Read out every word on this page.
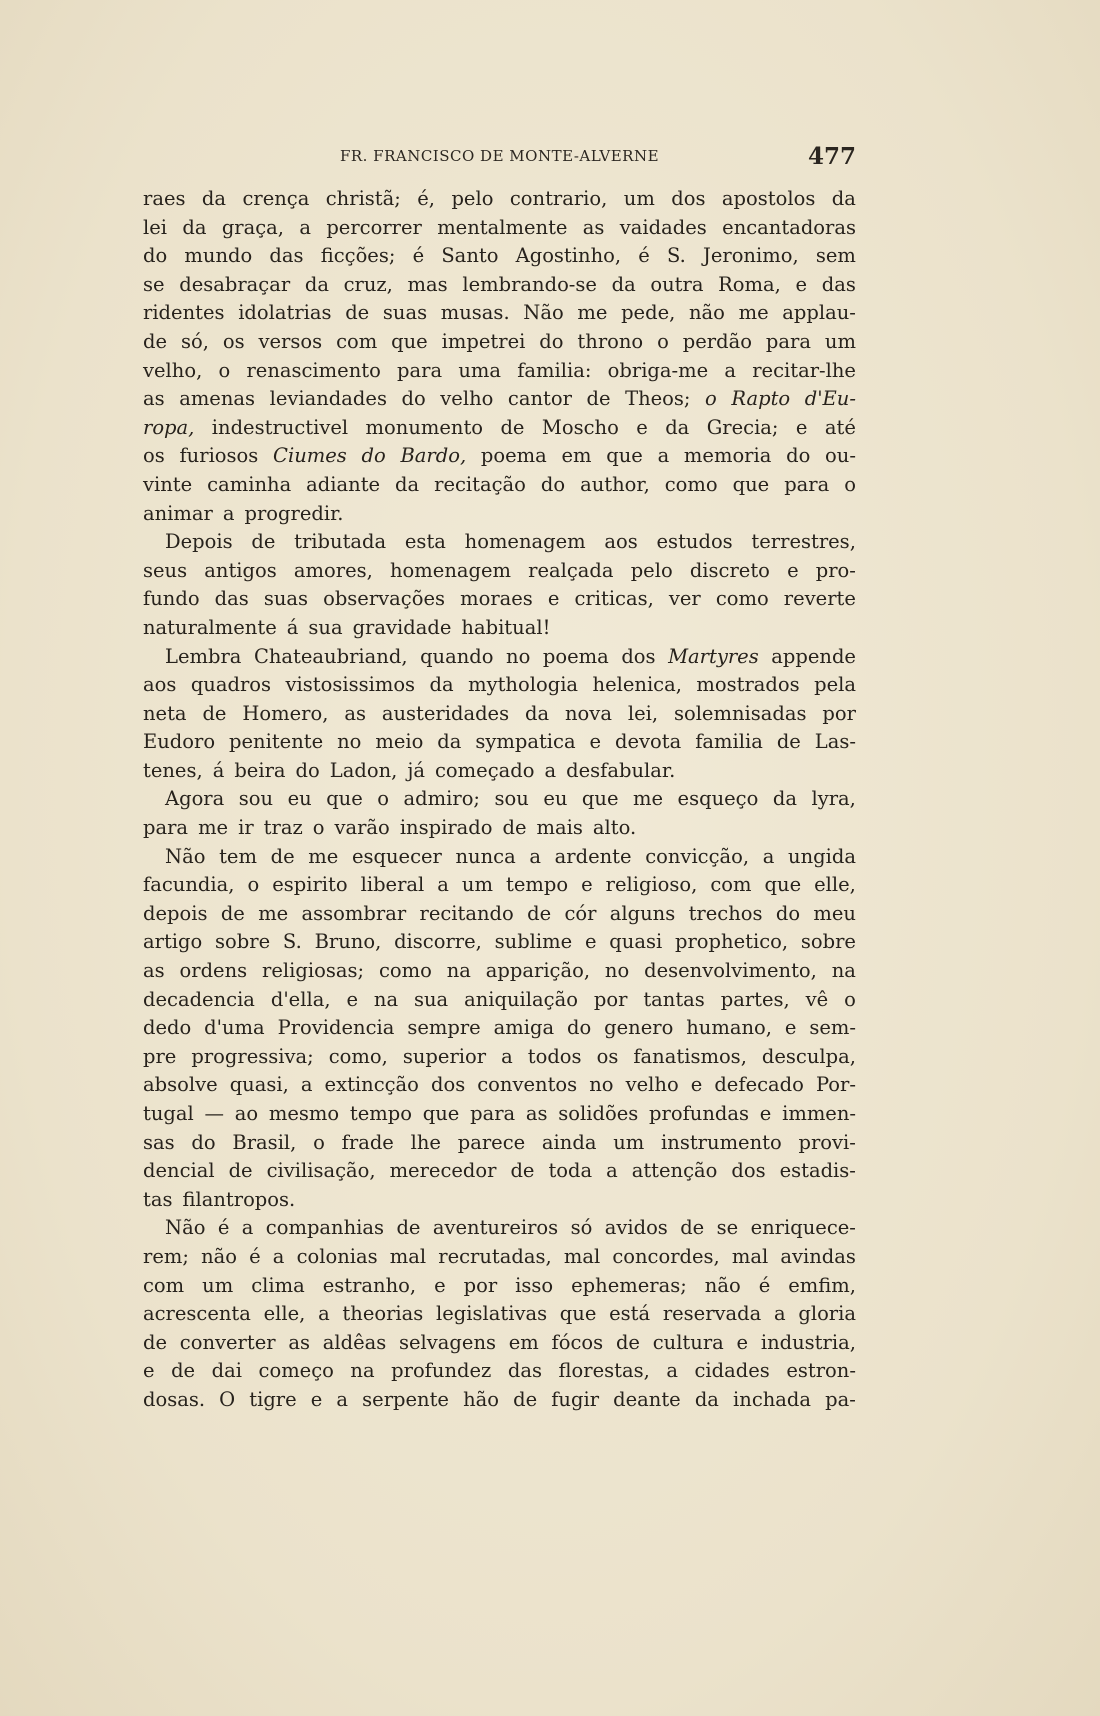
FR. FRANCISCO DE MONTE-ALVERNE	477
raes da crença christã; é, pelo contrario, um dos apostolos da
lei da graça, a percorrer mentalmente as vaidades encantadoras
do mundo das ficções; é Santo Agostinho, é S. Jeronimo, sem
se desabraçar da cruz, mas lembrando-se da outra Roma, e das
ridentes idolatrias de suas musas. Não me pede, não me applau-
de só, os versos com que impetrei do throno o perdão para um
velho, o renascimento para uma familia: obriga-me a recitar-lhe
as amenas leviandades do velho cantor de Theos; o Rapto d'Eu-
ropa, indestructivel monumento de Moscho e da Grecia; e até
os furiosos Ciumes do Bardo, poema em que a memoria do ou-
vinte caminha adiante da recitação do author, como que para o
animar a progredir.
Depois de tributada esta homenagem aos estudos terrestres,
seus antigos amores, homenagem realçada pelo discreto e pro-
fundo das suas observações moraes e criticas, ver como reverte
naturalmente á sua gravidade habitual!
Lembra Chateaubriand, quando no poema dos Martyres appende
aos quadros vistosissimos da mythologia helenica, mostrados pela
neta de Homero, as austeridades da nova lei, solemnisadas por
Eudoro penitente no meio da sympatica e devota familia de Las-
tenes, á beira do Ladon, já começado a desfabular.
Agora sou eu que o admiro; sou eu que me esqueço da lyra,
para me ir traz o varão inspirado de mais alto.
Não tem de me esquecer nunca a ardente convicção, a ungida
facundia, o espirito liberal a um tempo e religioso, com que elle,
depois de me assombrar recitando de cór alguns trechos do meu
artigo sobre S. Bruno, discorre, sublime e quasi prophetico, sobre
as ordens religiosas; como na apparição, no desenvolvimento, na
decadencia d'ella, e na sua aniquilação por tantas partes, vê o
dedo d'uma Providencia sempre amiga do genero humano, e sem-
pre progressiva; como, superior a todos os fanatismos, desculpa,
absolve quasi, a extincção dos conventos no velho e defecado Por-
tugal — ao mesmo tempo que para as solidões profundas e immen-
sas do Brasil, o frade lhe parece ainda um instrumento provi-
dencial de civilisação, merecedor de toda a attenção dos estadis-
tas filantropos.
Não é a companhias de aventureiros só avidos de se enriquece-
rem; não é a colonias mal recrutadas, mal concordes, mal avindas
com um clima estranho, e por isso ephemeras; não é emfim,
acrescenta elle, a theorias legislativas que está reservada a gloria
de converter as aldêas selvagens em fócos de cultura e industria,
e de dai começo na profundez das florestas, a cidades estron-
dosas. O tigre e a serpente hão de fugir deante da inchada pa-
